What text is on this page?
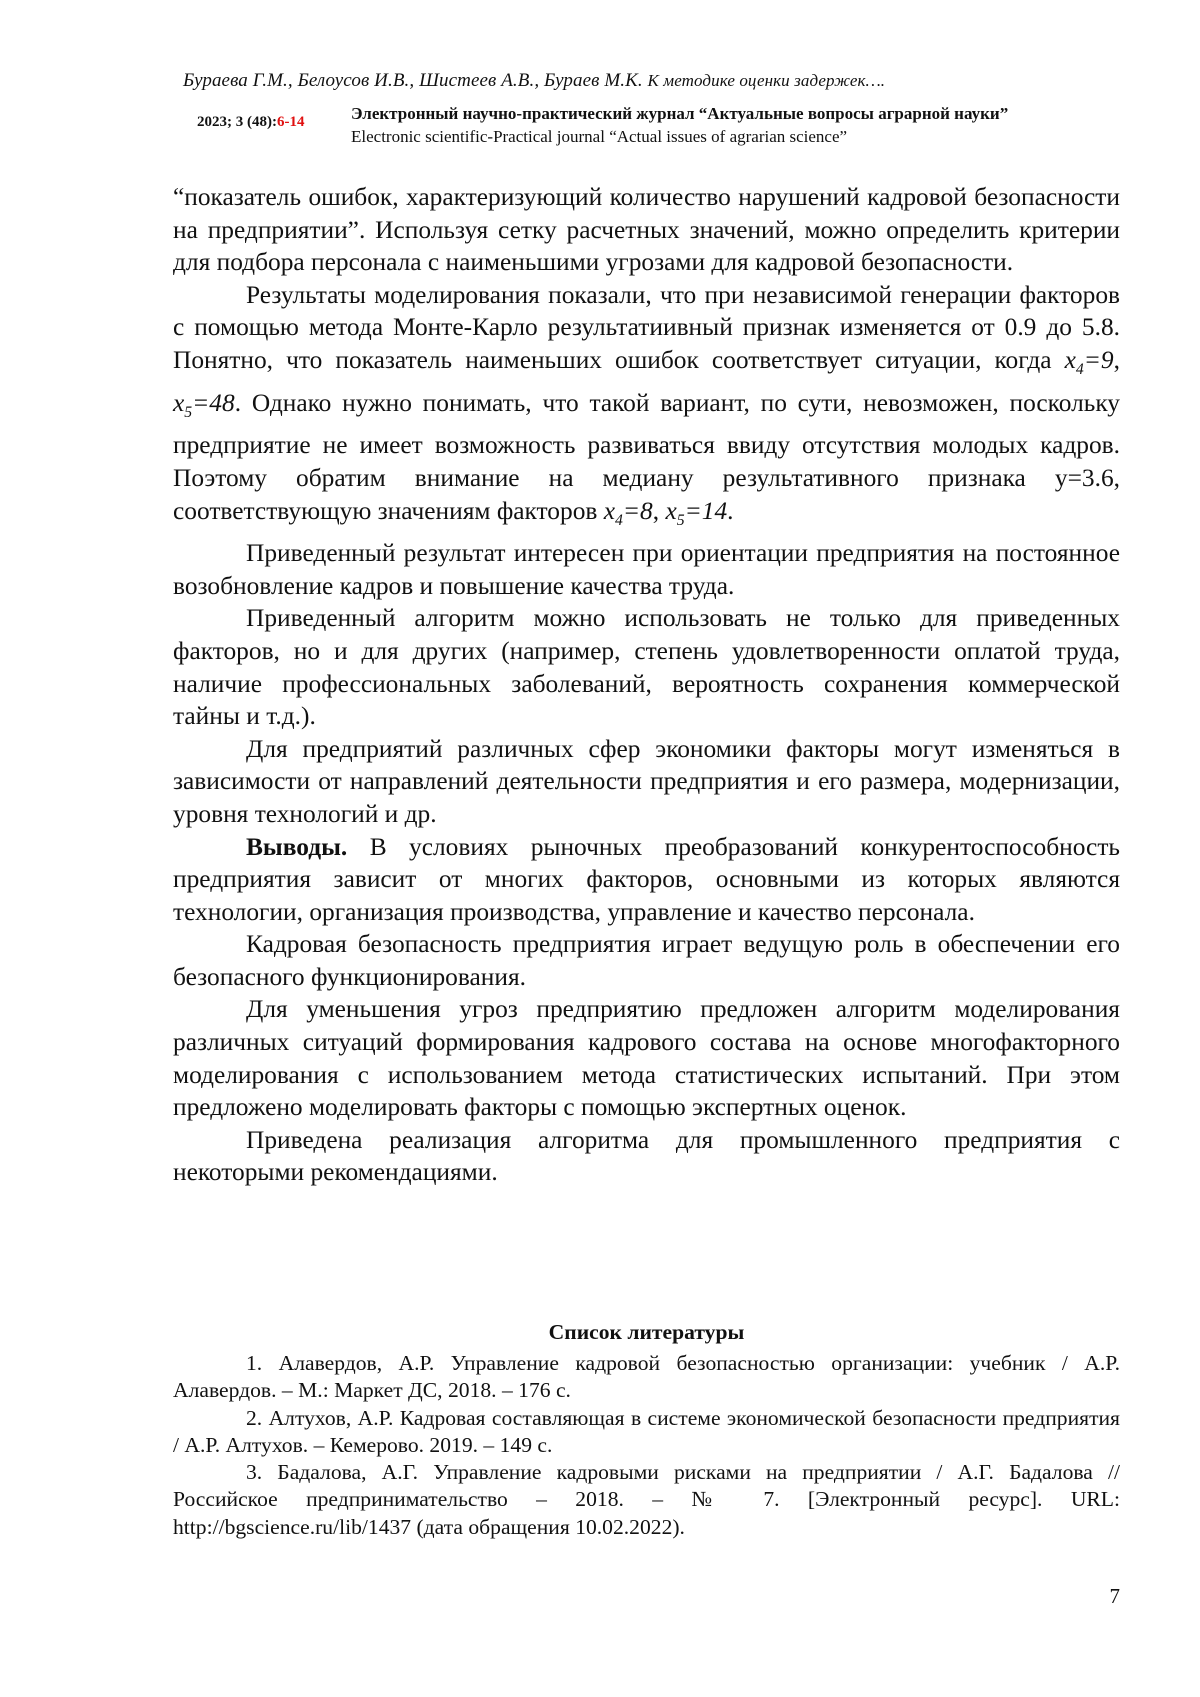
Бураева Г.М., Белоусов И.В., Шистеев А.В., Бураев М.К. К методике оценки задержек….
2023; 3 (48):6-14	Электронный научно-практический журнал “Актуальные вопросы аграрной науки”
Electronic scientific-Practical journal “Actual issues of agrarian science”

“показатель ошибок, характеризующий количество нарушений кадровой безопасности на предприятии”. Используя сетку расчетных значений, можно определить критерии для подбора персонала с наименьшими угрозами для кадровой безопасности.

Результаты моделирования показали, что при независимой генерации факторов с помощью метода Монте-Карло результатиивный признак изменяется от 0.9 до 5.8. Понятно, что показатель наименьших ошибок соответствует ситуации, когда x4=9, x5=48. Однако нужно понимать, что такой вариант, по сути, невозможен, поскольку предприятие не имеет возможность развиваться ввиду отсутствия молодых кадров. Поэтому обратим внимание на медиану результативного признака y=3.6, соответствующую значениям факторов x4=8, x5=14.

Приведенный результат интересен при ориентации предприятия на постоянное возобновление кадров и повышение качества труда.

Приведенный алгоритм можно использовать не только для приведенных факторов, но и для других (например, степень удовлетворенности оплатой труда, наличие профессиональных заболеваний, вероятность сохранения коммерческой тайны и т.д.).

Для предприятий различных сфер экономики факторы могут изменяться в зависимости от направлений деятельности предприятия и его размера, модернизации, уровня технологий и др.

Выводы. В условиях рыночных преобразований конкурентоспособность предприятия зависит от многих факторов, основными из которых являются технологии, организация производства, управление и качество персонала.

Кадровая безопасность предприятия играет ведущую роль в обеспечении его безопасного функционирования.

Для уменьшения угроз предприятию предложен алгоритм моделирования различных ситуаций формирования кадрового состава на основе многофакторного моделирования с использованием метода статистических испытаний. При этом предложено моделировать факторы с помощью экспертных оценок.

Приведена реализация алгоритма для промышленного предприятия с некоторыми рекомендациями.

Список литературы

1. Алавердов, А.Р. Управление кадровой безопасностью организации: учебник / А.Р. Алавердов. – М.: Маркет ДС, 2018. – 176 с.

2. Алтухов, А.Р. Кадровая составляющая в системе экономической безопасности предприятия / А.Р. Алтухов. – Кемерово. 2019. – 149 с.

3. Бадалова, А.Г. Управление кадровыми рисками на предприятии / А.Г. Бадалова // Российское предпринимательство – 2018. – № 7. [Электронный ресурс]. URL: http://bgscience.ru/lib/1437 (дата обращения 10.02.2022).

7
